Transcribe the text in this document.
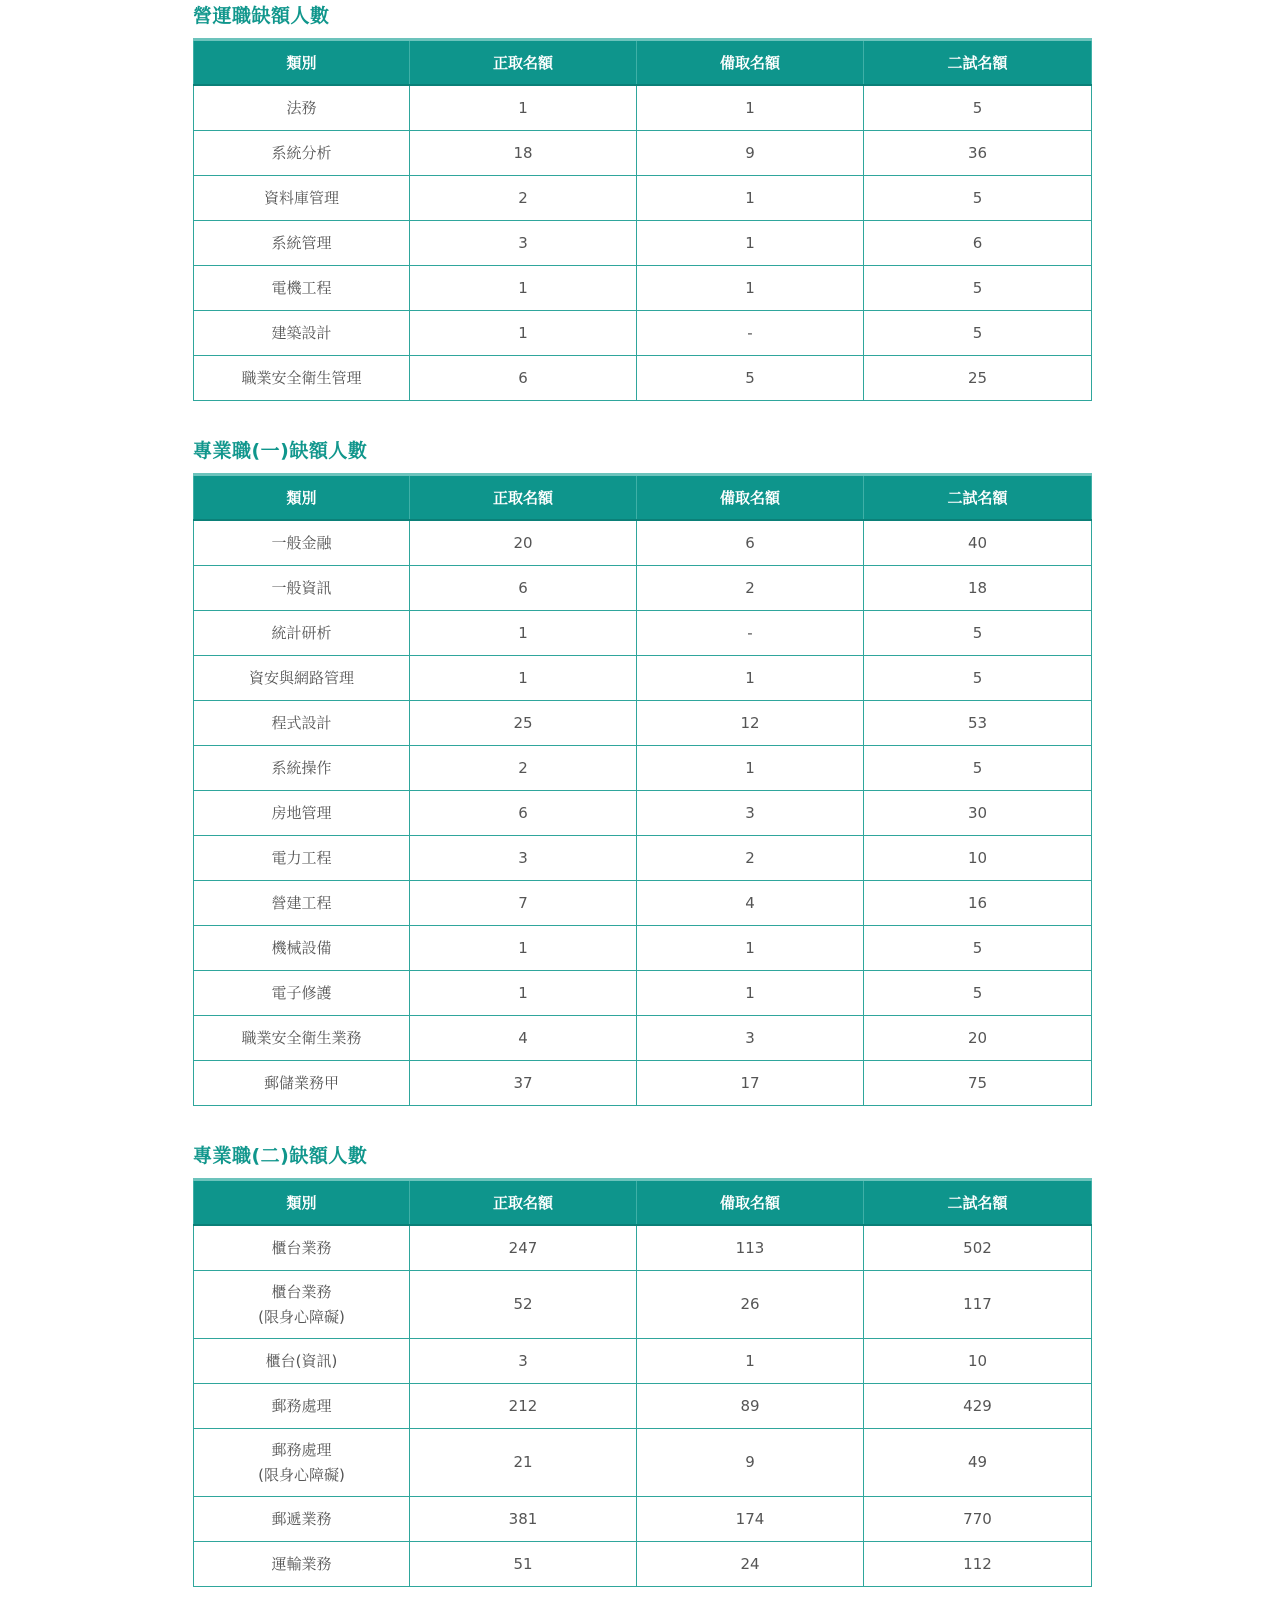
營運職缺額人數
類別	正取名額	備取名額	二試名額
法務	1	1	5
系統分析	18	9	36
資料庫管理	2	1	5
系統管理	3	1	6
電機工程	1	1	5
建築設計	1	-	5
職業安全衛生管理	6	5	25
專業職(一)缺額人數
類別	正取名額	備取名額	二試名額
一般金融	20	6	40
一般資訊	6	2	18
統計研析	1	-	5
資安與網路管理	1	1	5
程式設計	25	12	53
系統操作	2	1	5
房地管理	6	3	30
電力工程	3	2	10
營建工程	7	4	16
機械設備	1	1	5
電子修護	1	1	5
職業安全衛生業務	4	3	20
郵儲業務甲	37	17	75
專業職(二)缺額人數
類別	正取名額	備取名額	二試名額
櫃台業務	247	113	502
櫃台業務
(限身心障礙)	52	26	117
櫃台(資訊)	3	1	10
郵務處理	212	89	429
郵務處理
(限身心障礙)	21	9	49
郵遞業務	381	174	770
運輸業務	51	24	112
